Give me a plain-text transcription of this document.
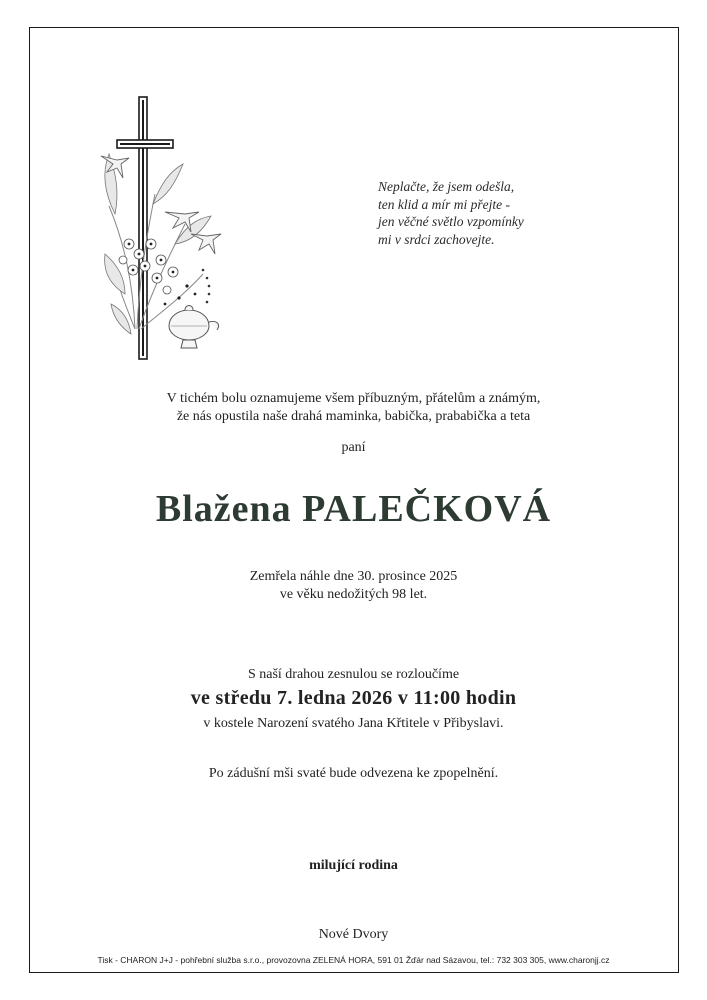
Neplačte, že jsem odešla,
ten klid a mír mi přejte -
jen věčné světlo vzpomínky
mi v srdci zachovejte.
V tichém bolu oznamujeme všem příbuzným, přátelům a známým,
že nás opustila naše drahá maminka, babička, prababička a teta
paní
Blažena PALEČKOVÁ
Zemřela náhle dne 30. prosince 2025
ve věku nedožitých 98 let.
S naší drahou zesnulou se rozloučíme
ve středu 7. ledna 2026 v 11:00 hodin
v kostele Narození svatého Jana Křtitele v Přibyslavi.
Po zádušní mši svaté bude odvezena ke zpopelnění.
milující rodina
Nové Dvory
Tisk - CHARON J+J - pohřební služba s.r.o., provozovna ZELENÁ HORA, 591 01 Žďár nad Sázavou, tel.: 732 303 305, www.charonjj.cz
